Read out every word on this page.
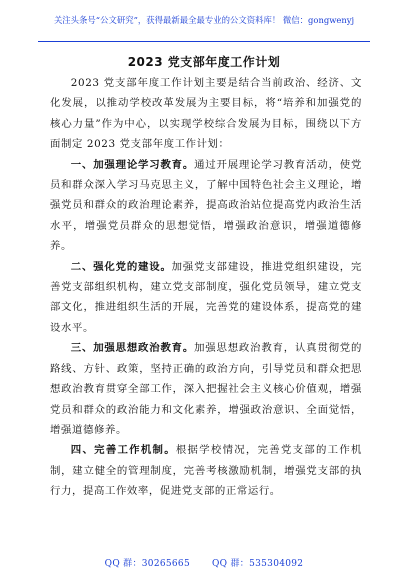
关注头条号“公文研究”，获得最新最全最专业的公文资料库！ 微信：gongwenyj
2023 党支部年度工作计划

2023 党支部年度工作计划主要是结合当前政治、经济、文化发展，以推动学校改革发展为主要目标，将“培养和加强党的核心力量”作为中心，以实现学校综合发展为目标，围绕以下方面制定 2023 党支部年度工作计划：

一、加强理论学习教育。通过开展理论学习教育活动，使党员和群众深入学习马克思主义，了解中国特色社会主义理论，增强党员和群众的政治理论素养，提高政治站位提高党内政治生活水平，增强党员群众的思想觉悟，增强政治意识，增强道德修养。

二、强化党的建设。加强党支部建设，推进党组织建设，完善党支部组织机构，建立党支部制度，强化党员领导，建立党支部文化，推进组织生活的开展，完善党的建设体系，提高党的建设水平。

三、加强思想政治教育。加强思想政治教育，认真贯彻党的路线、方针、政策，坚持正确的政治方向，引导党员和群众把思想政治教育贯穿全部工作，深入把握社会主义核心价值观，增强党员和群众的政治能力和文化素养，增强政治意识、全面觉悟，增强道德修养。

四、完善工作机制。根据学校情况，完善党支部的工作机制，建立健全的管理制度，完善考核激励机制，增强党支部的执行力，提高工作效率，促进党支部的正常运行。

QQ 群：30265665 QQ 群：535304092
